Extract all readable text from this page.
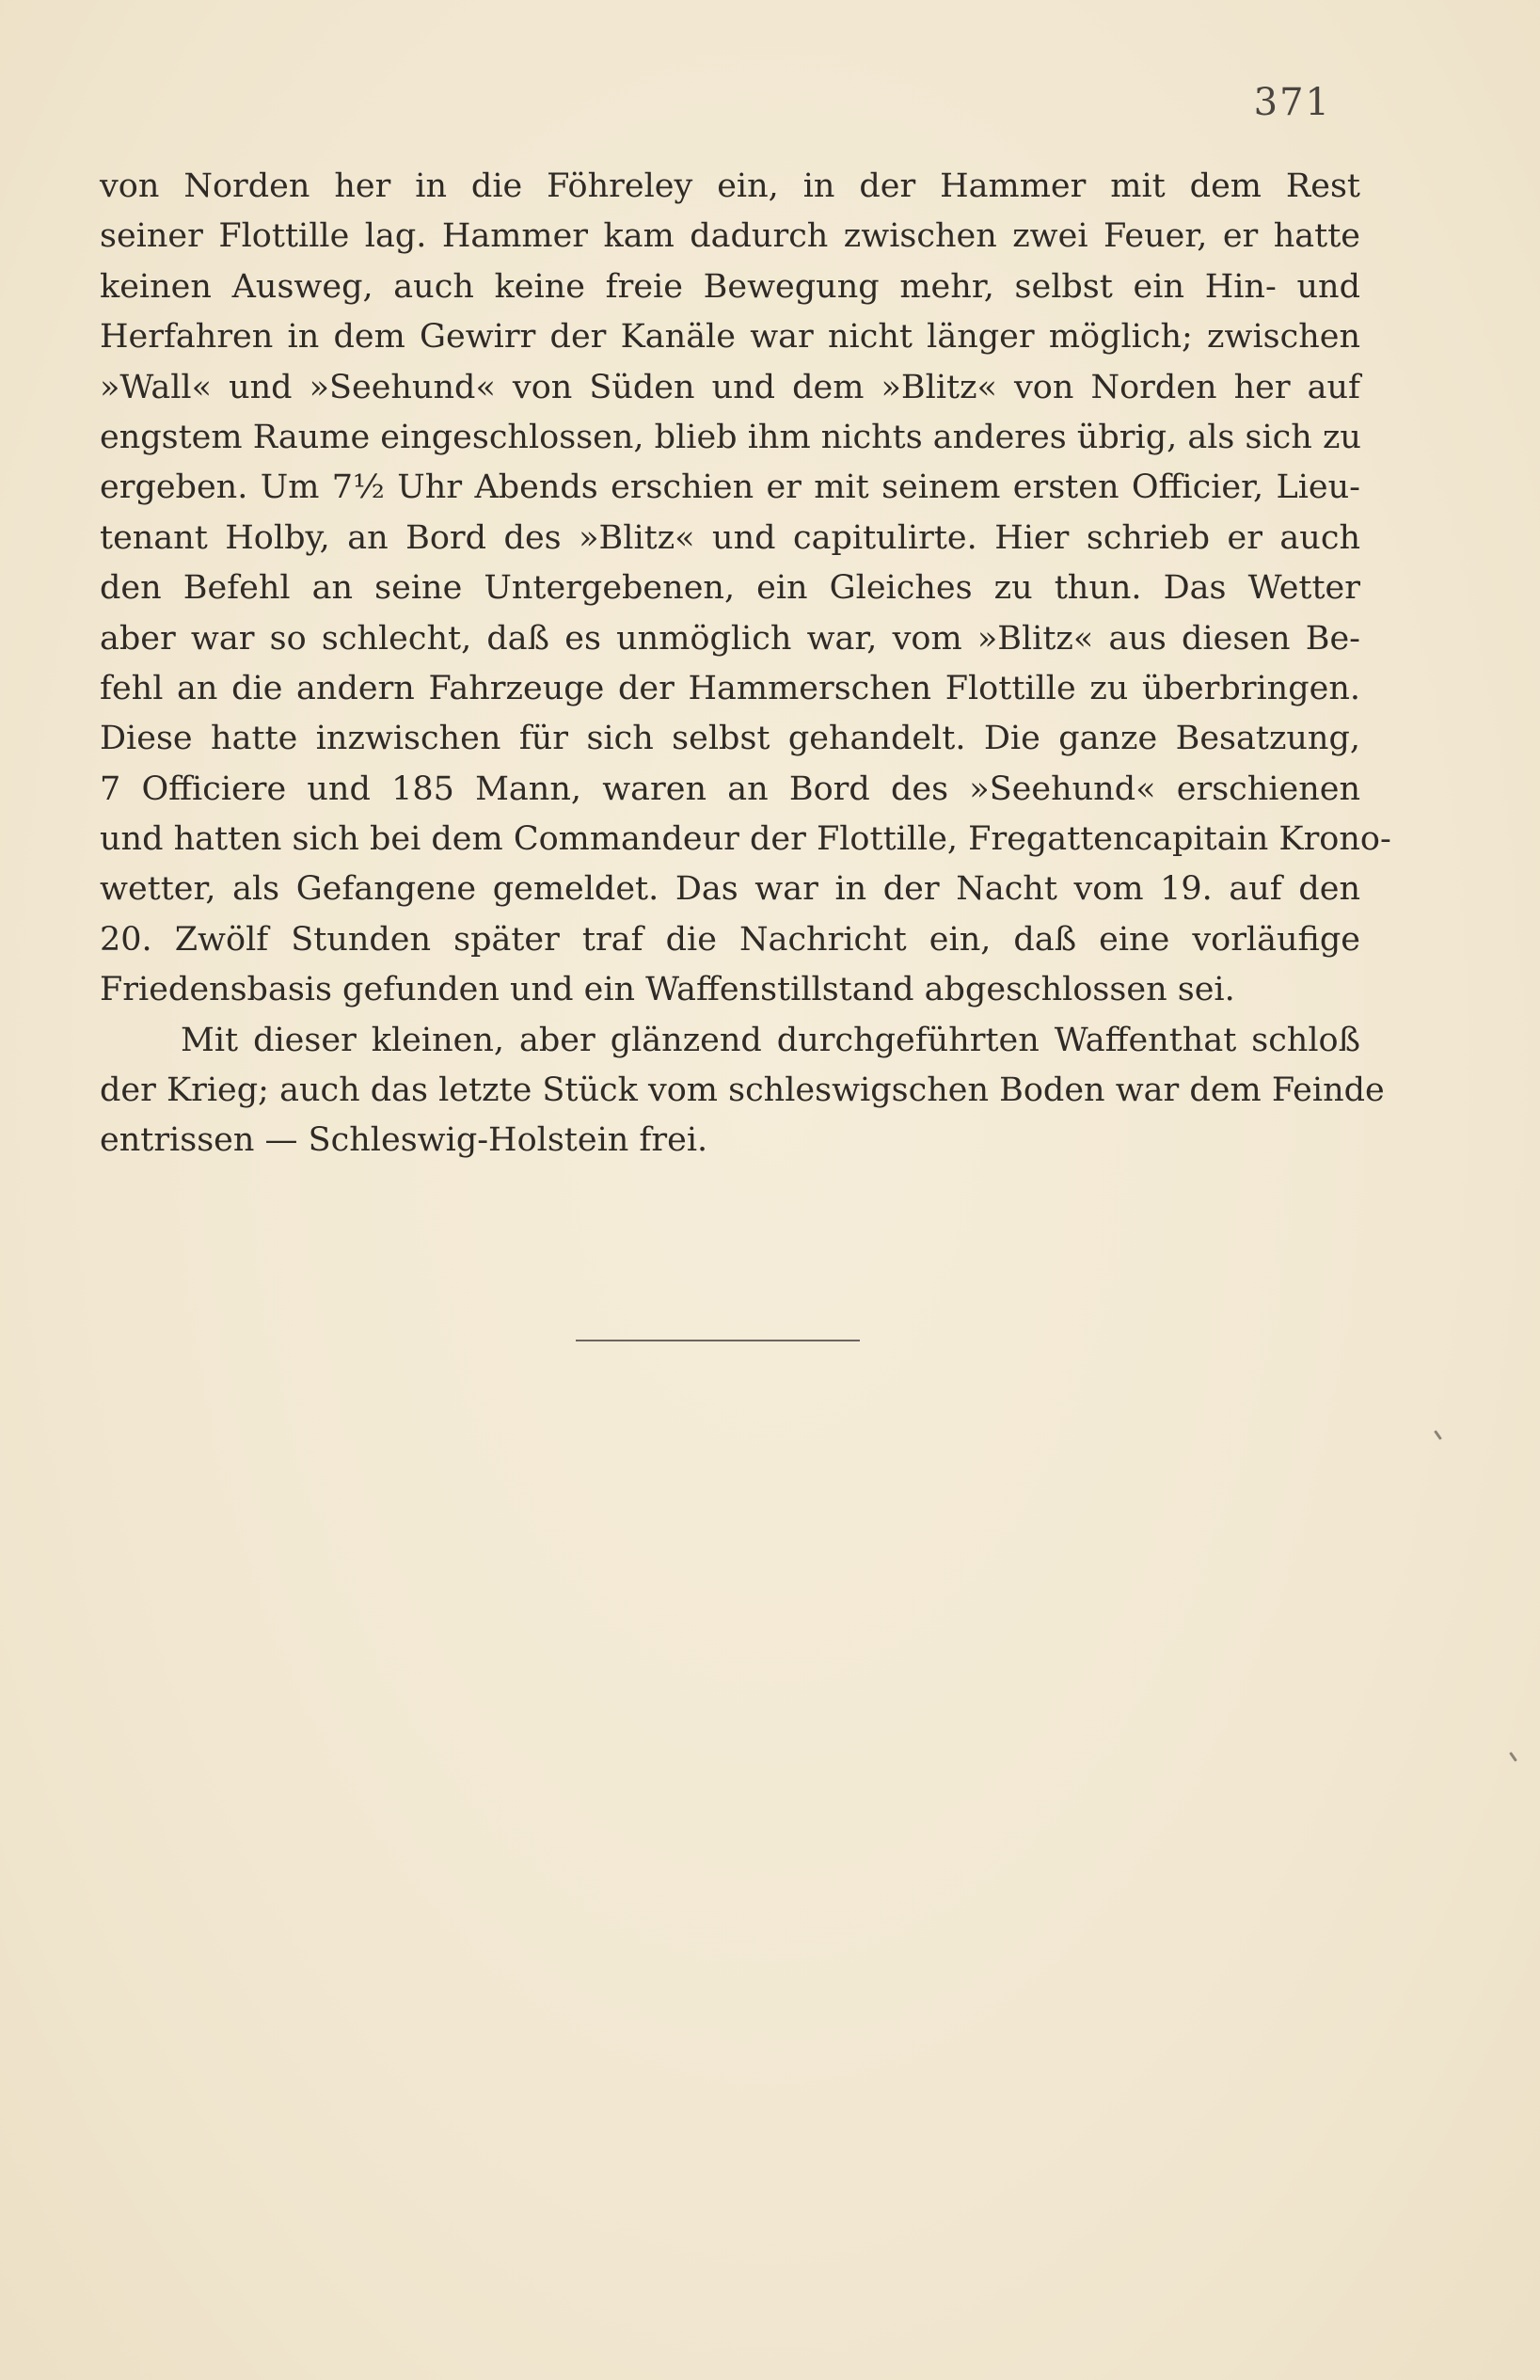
371
von Norden her in die Föhreley ein, in der Hammer mit dem Rest
seiner Flottille lag. Hammer kam dadurch zwischen zwei Feuer, er hatte
keinen Ausweg, auch keine freie Bewegung mehr, selbst ein Hin- und
Herfahren in dem Gewirr der Kanäle war nicht länger möglich; zwischen
»Wall« und »Seehund« von Süden und dem »Blitz« von Norden her auf
engstem Raume eingeschlossen, blieb ihm nichts anderes übrig, als sich zu
ergeben. Um 7½ Uhr Abends erschien er mit seinem ersten Officier, Lieu-
tenant Holby, an Bord des »Blitz« und capitulirte. Hier schrieb er auch
den Befehl an seine Untergebenen, ein Gleiches zu thun. Das Wetter
aber war so schlecht, daß es unmöglich war, vom »Blitz« aus diesen Be-
fehl an die andern Fahrzeuge der Hammerschen Flottille zu überbringen.
Diese hatte inzwischen für sich selbst gehandelt. Die ganze Besatzung,
7 Officiere und 185 Mann, waren an Bord des »Seehund« erschienen
und hatten sich bei dem Commandeur der Flottille, Fregattencapitain Krono-
wetter, als Gefangene gemeldet. Das war in der Nacht vom 19. auf den
20. Zwölf Stunden später traf die Nachricht ein, daß eine vorläufige
Friedensbasis gefunden und ein Waffenstillstand abgeschlossen sei.
Mit dieser kleinen, aber glänzend durchgeführten Waffenthat schloß
der Krieg; auch das letzte Stück vom schleswigschen Boden war dem Feinde
entrissen — Schleswig-Holstein frei.
